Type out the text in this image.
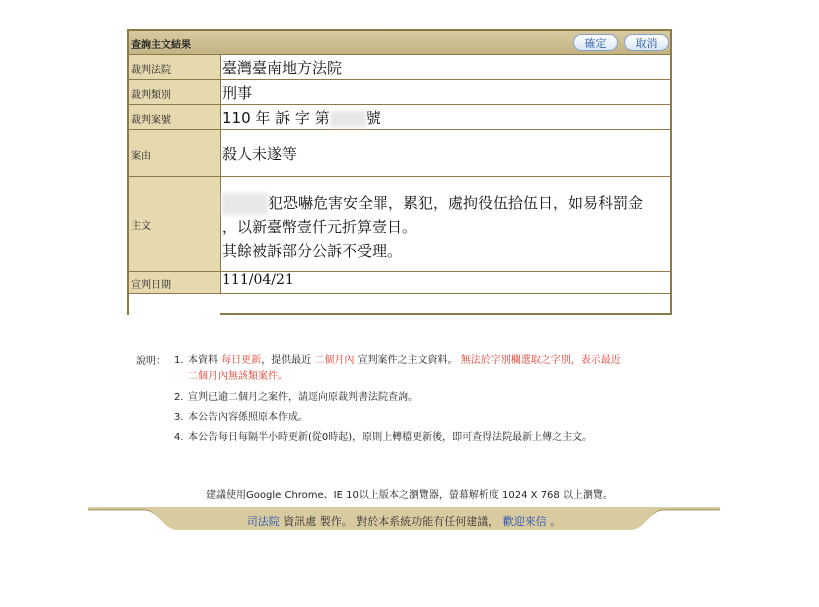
查詢主文結果	確定	取消
裁判法院	臺灣臺南地方法院
裁判類別	刑事
裁判案號	110 年 訴 字 第 號
案由	殺人未遂等
主文
犯恐嚇危害安全罪，累犯，處拘役伍拾伍日，如易科罰金
，以新臺幣壹仟元折算壹日。
其餘被訴部分公訴不受理。
宣判日期	111/04/21
說明： 1. 本資料 每日更新，提供最近 二個月內 宣判案件之主文資料。 無法於字別欄選取之字別，表示最近
二個月內無該類案件。
2. 宣判已逾二個月之案件，請逕向原裁判書法院查詢。
3. 本公告內容係照原本作成。
4. 本公告每日每隔半小時更新(從0時起)，原則上轉檔更新後，即可查得法院最新上傳之主文。
建議使用Google Chrome、IE 10以上版本之瀏覽器，螢幕解析度 1024 X 768 以上瀏覽。
司法院 資訊處 製作。 對於本系統功能有任何建議， 歡迎來信 。
